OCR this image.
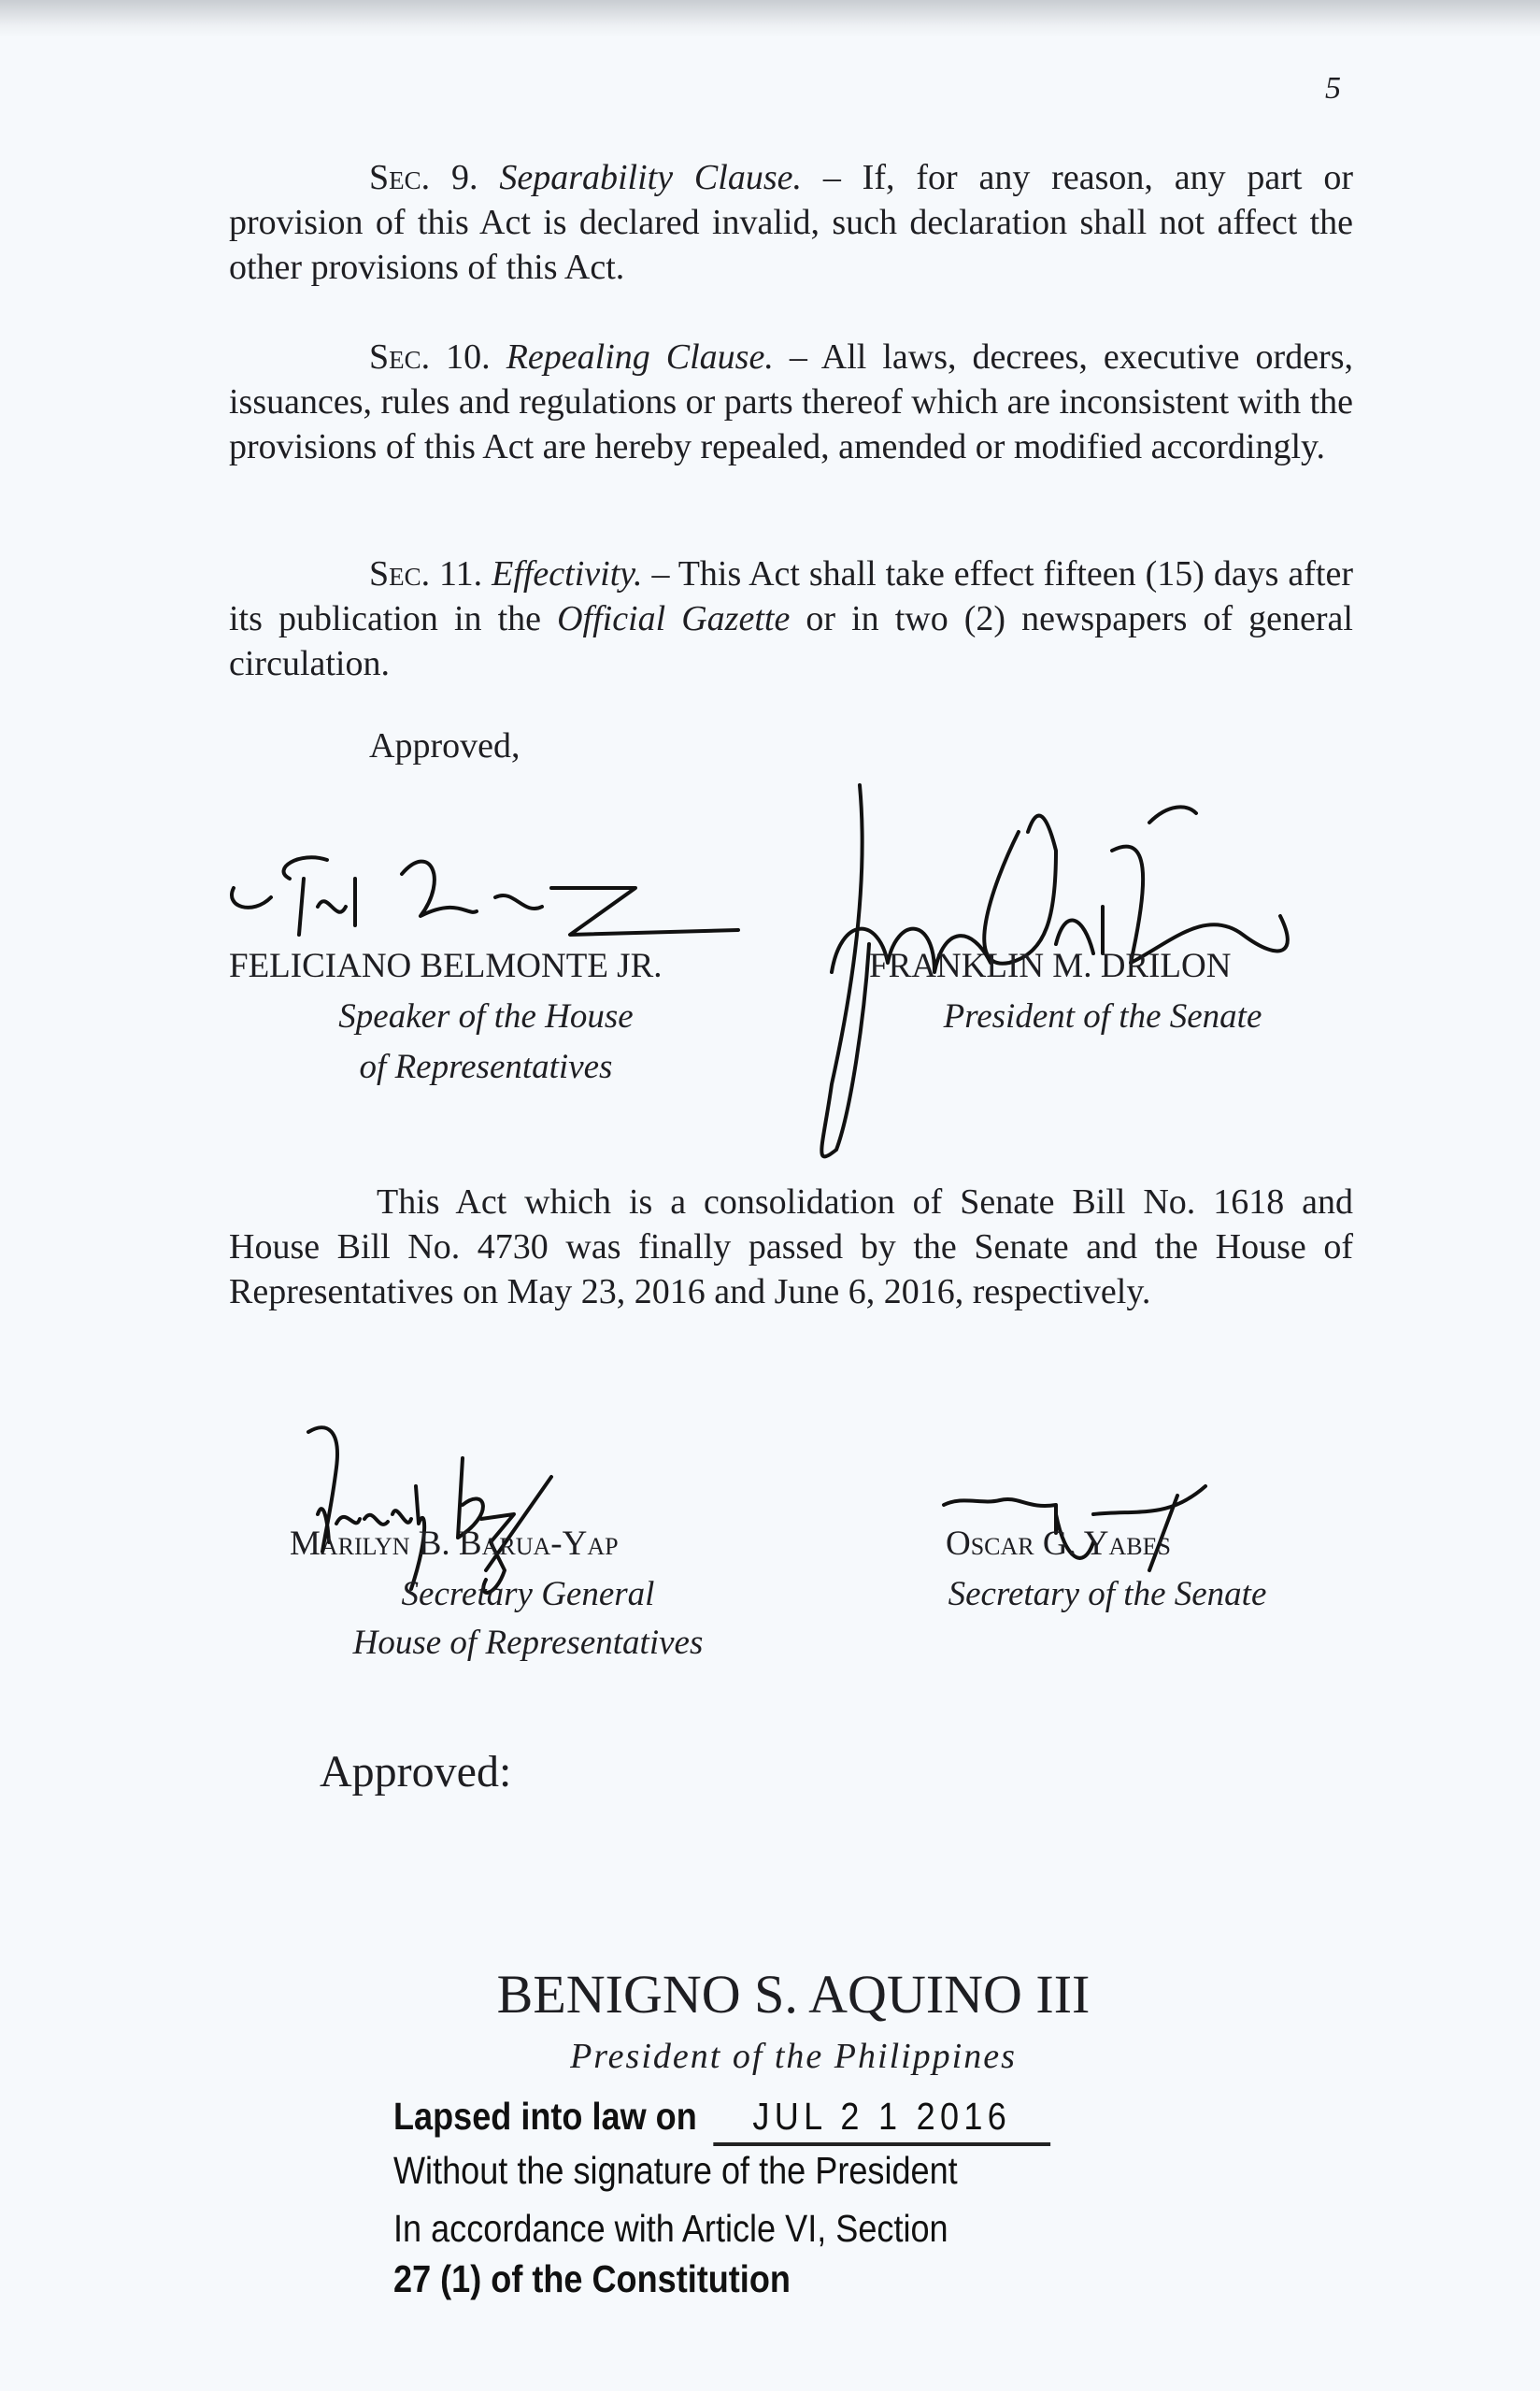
5
Sec. 9. Separability Clause. – If, for any reason, any part or provision of this Act is declared invalid, such declaration shall not affect the other provisions of this Act.
Sec. 10. Repealing Clause. – All laws, decrees, executive orders, issuances, rules and regulations or parts thereof which are inconsistent with the provisions of this Act are hereby repealed, amended or modified accordingly.
Sec. 11. Effectivity. – This Act shall take effect fifteen (15) days after its publication in the Official Gazette or in two (2) newspapers of general circulation.
Approved,
FELICIANO BELMONTE JR.
Speaker of the House
of Representatives
FRANKLIN M. DRILON
President of the Senate
This Act which is a consolidation of Senate Bill No. 1618 and House Bill No. 4730 was finally passed by the Senate and the House of Representatives on May 23, 2016 and June 6, 2016, respectively.
Marilyn B. Barua-Yap
Secretary General
House of Representatives
Oscar G. Yabes
Secretary of the Senate
Approved:
BENIGNO S. AQUINO III
President of the Philippines
Lapsed into law on JUL 2 1 2016
Without the signature of the President
In accordance with Article VI, Section
27 (1) of the Constitution
